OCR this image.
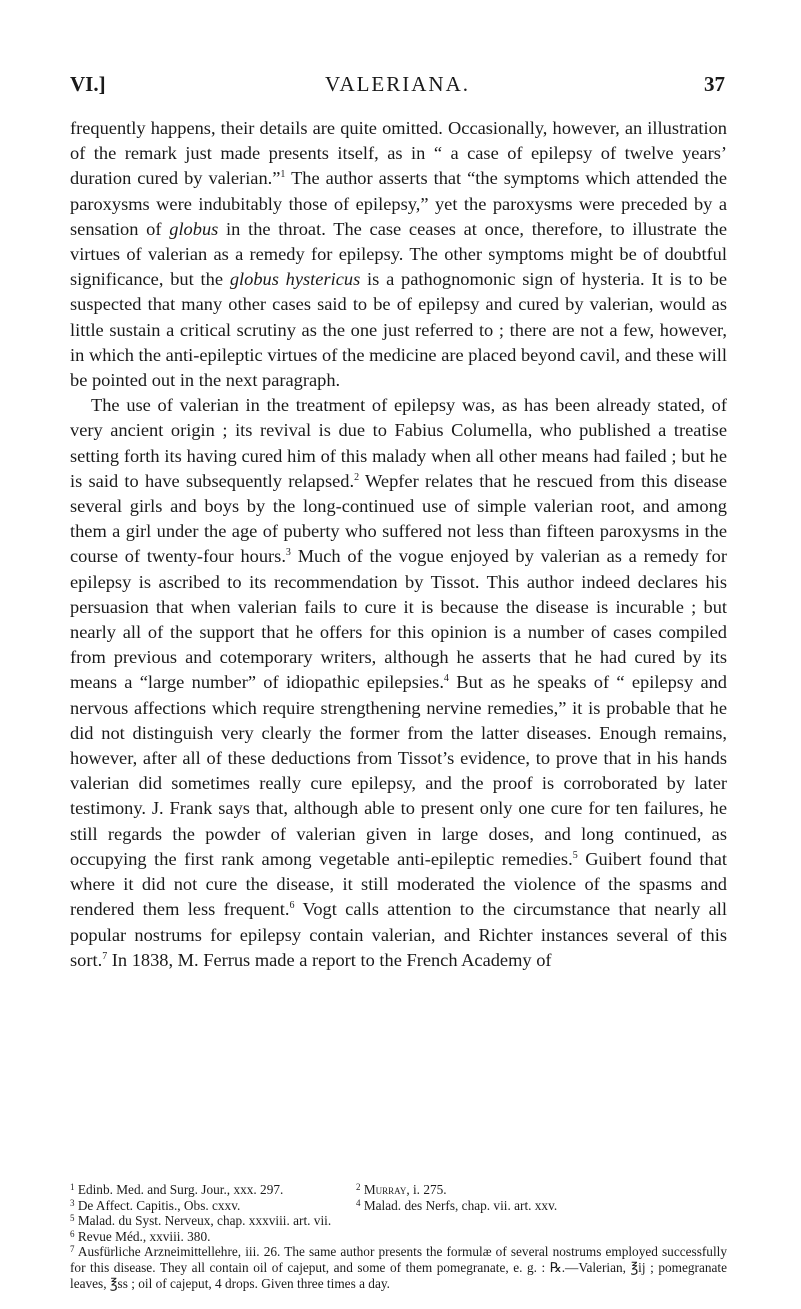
VI.]	VALERIANA.	37

frequently happens, their details are quite omitted. Occasionally, however, an illustration of the remark just made presents itself, as in “ a case of epilepsy of twelve years’ duration cured by valerian.”$^1$ The author asserts that “the symptoms which attended the paroxysms were indubitably those of epilepsy,” yet the paroxysms were preceded by a sensation of globus in the throat. The case ceases at once, therefore, to illustrate the virtues of valerian as a remedy for epilepsy. The other symptoms might be of doubtful significance, but the globus hystericus is a pathognomonic sign of hysteria. It is to be suspected that many other cases said to be of epilepsy and cured by valerian, would as little sustain a critical scrutiny as the one just referred to ; there are not a few, however, in which the anti-epileptic virtues of the medicine are placed beyond cavil, and these will be pointed out in the next paragraph.

The use of valerian in the treatment of epilepsy was, as has been already stated, of very ancient origin ; its revival is due to Fabius Columella, who published a treatise setting forth its having cured him of this malady when all other means had failed ; but he is said to have subsequently relapsed.$^2$ Wepfer relates that he rescued from this disease several girls and boys by the long-continued use of simple valerian root, and among them a girl under the age of puberty who suffered not less than fifteen paroxysms in the course of twenty-four hours.$^3$ Much of the vogue enjoyed by valerian as a remedy for epilepsy is ascribed to its recommendation by Tissot. This author indeed declares his persuasion that when valerian fails to cure it is because the disease is incurable ; but nearly all of the support that he offers for this opinion is a number of cases compiled from previous and cotemporary writers, although he asserts that he had cured by its means a “large number” of idiopathic epilepsies.$^4$ But as he speaks of “ epilepsy and nervous affections which require strengthening nervine remedies,” it is probable that he did not distinguish very clearly the former from the latter diseases. Enough remains, however, after all of these deductions from Tissot’s evidence, to prove that in his hands valerian did sometimes really cure epilepsy, and the proof is corroborated by later testimony. J. Frank says that, although able to present only one cure for ten failures, he still regards the powder of valerian given in large doses, and long continued, as occupying the first rank among vegetable anti-epileptic remedies.$^5$ Guibert found that where it did not cure the disease, it still moderated the violence of the spasms and rendered them less frequent.$^6$ Vogt calls attention to the circumstance that nearly all popular nostrums for epilepsy contain valerian, and Richter instances several of this sort.$^7$ In 1838, M. Ferrus made a report to the French Academy of

$^1$ Edinb. Med. and Surg. Jour., xxx. 297.	$^2$ Murray, i. 275.
$^3$ De Affect. Capitis., Obs. cxxv.	$^4$ Malad. des Nerfs, chap. vii. art. xxv.
$^5$ Malad. du Syst. Nerveux, chap. xxxviii. art. vii.
$^6$ Revue Méd., xxviii. 380.
$^7$ Ausfürliche Arzneimittellehre, iii. 26. The same author presents the formulæ of several nostrums employed successfully for this disease. They all contain oil of cajeput, and some of them pomegranate, e. g. : ℞.—Valerian, ℥ij ; pomegranate leaves, ℥ss ; oil of cajeput, 4 drops. Given three times a day.
